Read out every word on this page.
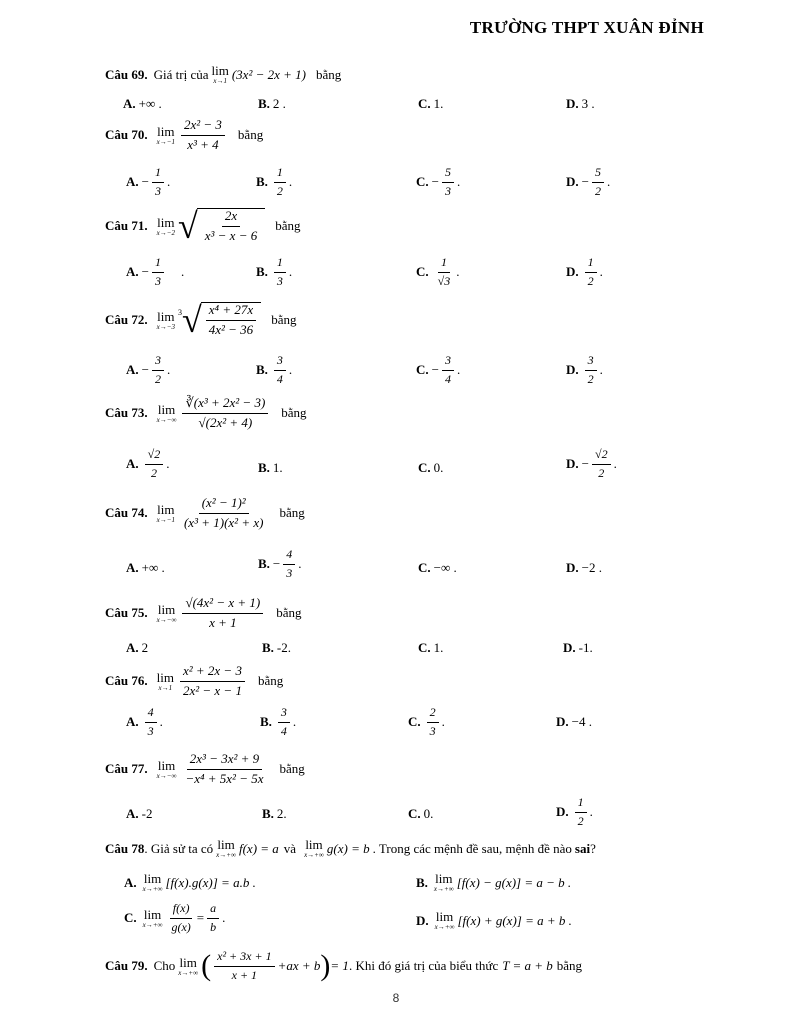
TRƯỜNG THPT XUÂN ĐỈNH
Câu 69. Giá trị của lim
x→1 (3x² − 2x + 1) bằng
A. +∞ .	B. 2 .	C. 1.	D. 3 .
Câu 70. lim
$x\to-1 \frac{\text{2x² − 3}}{\text{x³ + 4}}$ bằng
A. − $\frac{1}{3}$ .	B. $\frac{1}{2}$ .	C. − $\frac{5}{3}$ .	D. − $\frac{5}{2}$ .
Câu 71. lim
x→−2 √ $\frac{2x}{\text{x³ − x − 6}}$ bằng
A. − $\frac{1}{3}$ .	B. $\frac{1}{3}$ .	C. $\frac{1}{√3}$ .	D. $\frac{1}{2}$ .
Câu 72. lim
x→−3
3 √ $\frac{\text{x⁴ + 27x}}{\text{4x² − 36}}$ bằng
A. − $\frac{3}{2}$ .	B. $\frac{3}{4}$ .	C. − $\frac{3}{4}$ .	D. $\frac{3}{2}$ .
Câu 73. lim
$x\to-\infty \frac{\text{∛(x³ + 2x² − 3)}}{\text{√(2x² + 4)}}$ bằng
A. $\frac{√2}{2}$ .	B. 1.	C. 0.	D. − $\frac{√2}{2}$ .
Câu 74. lim
$x\to-1 \frac{\text{(x² − 1)²}}{\text{(x³ + 1)(x² + x)}}$ bằng
A. +∞ .	B. − $\frac{4}{3}$ .	C. −∞ .	D. −2 .
Câu 75. lim
$x\to-\infty \frac{\text{√(4x² − x + 1)}}{x + 1}$ bằng
A. 2	B. -2.	C. 1.	D. -1.
Câu 76. lim
$x\to 1 \frac{\text{x² + 2x − 3}}{\text{2x² − x − 1}}$ bằng
A. $\frac{4}{3}$ .	B. $\frac{3}{4}$ .	C. $\frac{2}{3}$ .	D. −4 .
Câu 77. lim
$x\to-\infty \frac{\text{2x³ − 3x² + 9}}{\text{−x⁴ + 5x² − 5x}}$ bằng
A. -2	B. 2.	C. 0.	D. $\frac{1}{2}$ .
Câu 78 . Giả sử ta có lim
x→+∞ f(x) = a và lim
x→+∞ g(x) = b . Trong các mệnh đề sau, mệnh đề nào sai ?
A. lim
x→+∞ [f(x).g(x)] = a.b .	B. lim
x→+∞ [f(x) − g(x)] = a − b .
C. lim
$x\to+\infty \frac{f(x)}{g(x)} = \frac{a}{b}$ .	D. lim
x→+∞ [f(x) + g(x)] = a + b .
Câu 79. Cho lim
x→+∞ ( $\frac{\text{x² + 3x + 1}}{x + 1} +ax + b$ ) = 1 . Khi đó giá trị của biểu thức T = a + b bằng
8
